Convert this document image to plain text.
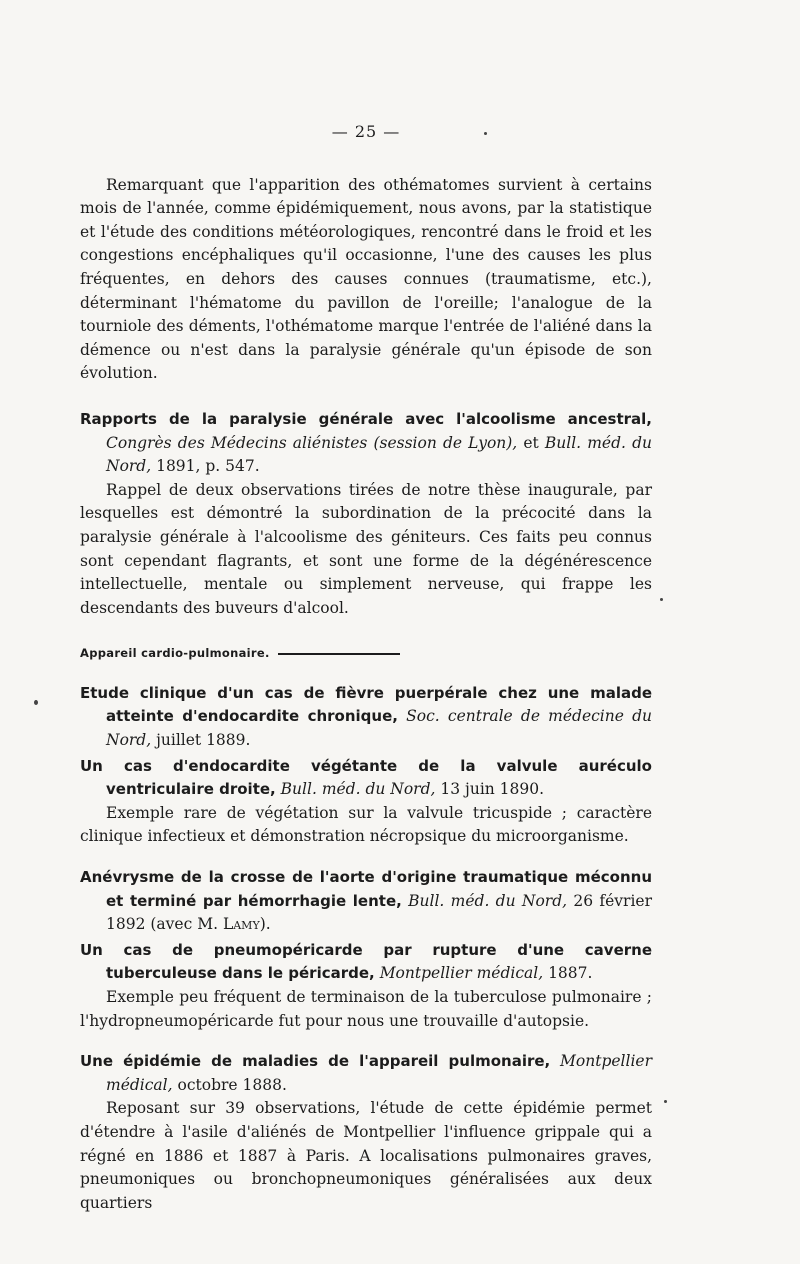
— 25 —

Remarquant que l'apparition des othématomes survient à certains mois de l'année, comme épidémiquement, nous avons, par la statistique et l'étude des conditions météorologiques, rencontré dans le froid et les congestions encéphaliques qu'il occasionne, l'une des causes les plus fréquentes, en dehors des causes connues (traumatisme, etc.), déterminant l'hématome du pavillon de l'oreille; l'analogue de la tourniole des déments, l'othématome marque l'entrée de l'aliéné dans la démence ou n'est dans la paralysie générale qu'un épisode de son évolution.

Rapports de la paralysie générale avec l'alcoolisme ancestral, Congrès des Médecins aliénistes (session de Lyon), et Bull. méd. du Nord, 1891, p. 547.

Rappel de deux observations tirées de notre thèse inaugurale, par lesquelles est démontré la subordination de la précocité dans la paralysie générale à l'alcoolisme des géniteurs. Ces faits peu connus sont cependant flagrants, et sont une forme de la dégénérescence intellectuelle, mentale ou simplement nerveuse, qui frappe les descendants des buveurs d'alcool.

Appareil cardio-pulmonaire.
Etude clinique d'un cas de fièvre puerpérale chez une malade atteinte d'endocardite chronique, Soc. centrale de médecine du Nord, juillet 1889.
Un cas d'endocardite végétante de la valvule auréculo ventriculaire droite, Bull. méd. du Nord, 13 juin 1890.

Exemple rare de végétation sur la valvule tricuspide ; caractère clinique infectieux et démonstration nécropsique du microorganisme.

Anévrysme de la crosse de l'aorte d'origine traumatique méconnu et terminé par hémorrhagie lente, Bull. méd. du Nord, 26 février 1892 (avec M. Lamy).
Un cas de pneumopéricarde par rupture d'une caverne tuberculeuse dans le péricarde, Montpellier médical, 1887.

Exemple peu fréquent de terminaison de la tuberculose pulmonaire ; l'hydropneumopéricarde fut pour nous une trouvaille d'autopsie.

Une épidémie de maladies de l'appareil pulmonaire, Montpellier médical, octobre 1888.

Reposant sur 39 observations, l'étude de cette épidémie permet d'étendre à l'asile d'aliénés de Montpellier l'influence grippale qui a régné en 1886 et 1887 à Paris. A localisations pulmonaires graves, pneumoniques ou bronchopneumoniques généralisées aux deux quartiers
